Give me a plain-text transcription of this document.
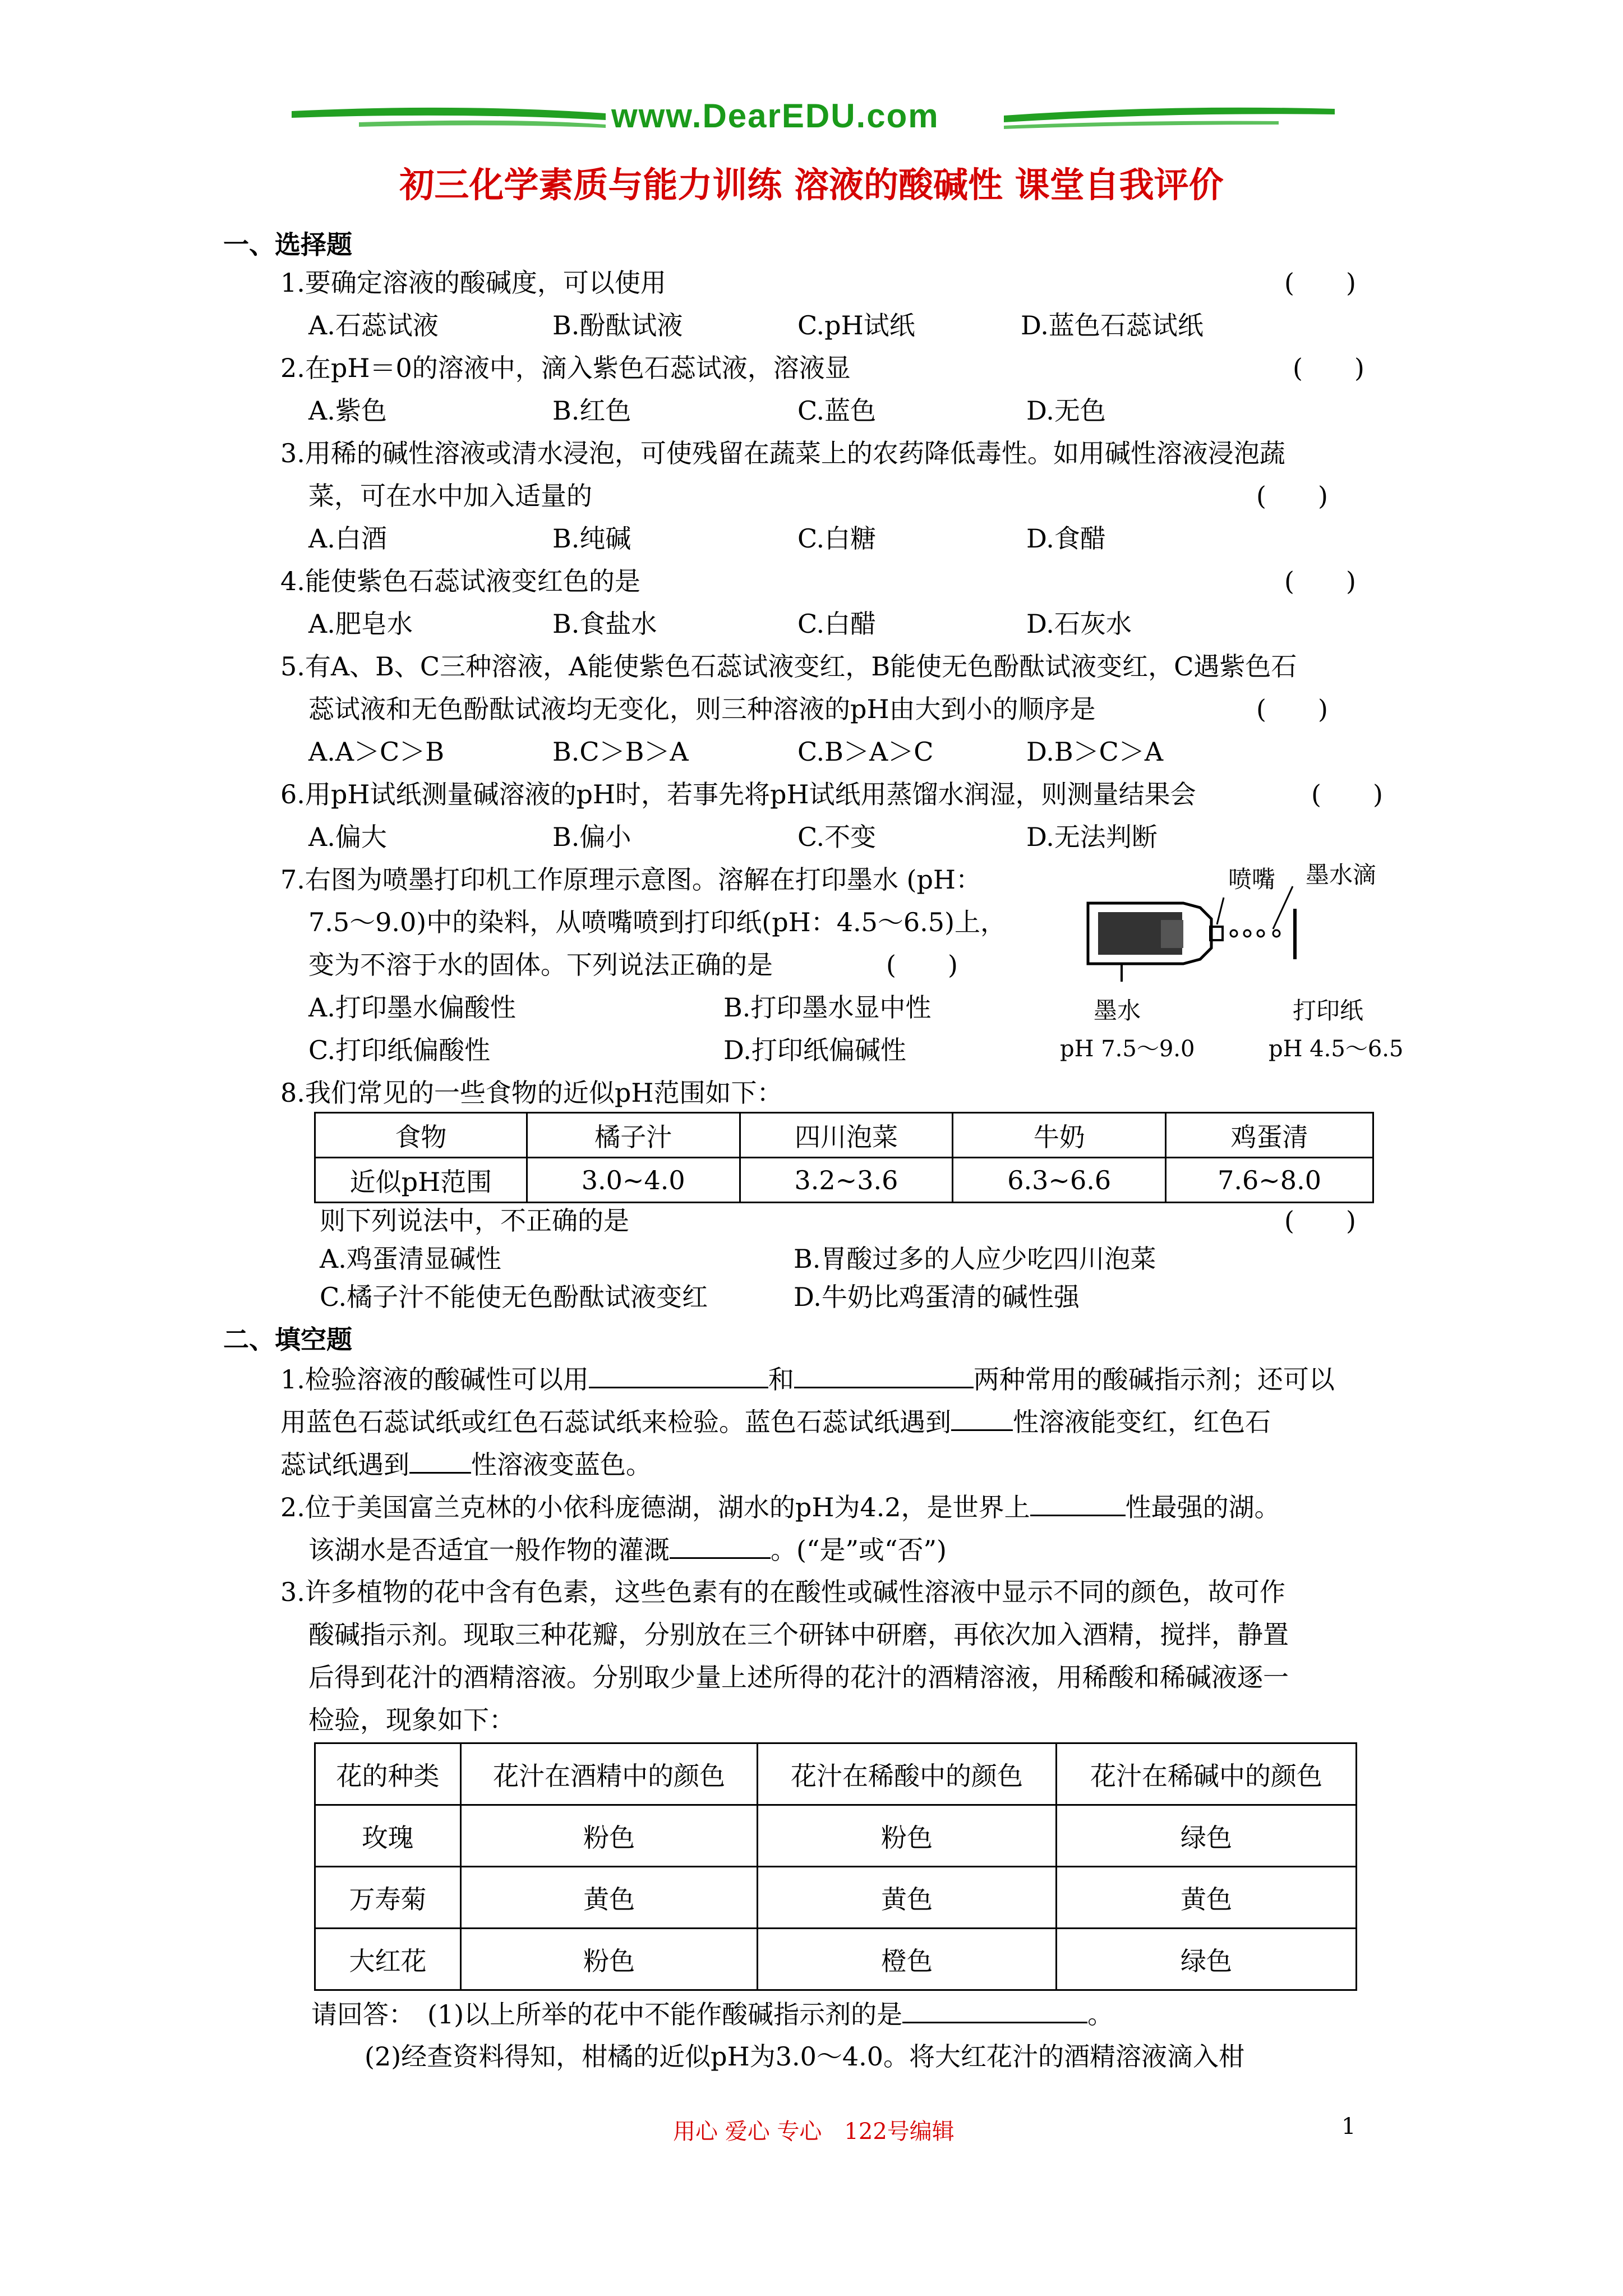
www.DearEDU.com
初三化学素质与能力训练 溶液的酸碱性 课堂自我评价
一、选择题
1.要确定溶液的酸碱度，可以使用	(　　)
A.石蕊试液	B.酚酞试液	C.pH试纸	D.蓝色石蕊试纸
2.在pH＝0的溶液中，滴入紫色石蕊试液，溶液显	(　　)
A.紫色	B.红色	C.蓝色	D.无色
3.用稀的碱性溶液或清水浸泡，可使残留在蔬菜上的农药降低毒性。如用碱性溶液浸泡蔬
菜，可在水中加入适量的	(　　)
A.白酒	B.纯碱	C.白糖	D.食醋
4.能使紫色石蕊试液变红色的是	(　　)
A.肥皂水	B.食盐水	C.白醋	D.石灰水
5.有A、B、C三种溶液，A能使紫色石蕊试液变红，B能使无色酚酞试液变红，C遇紫色石
蕊试液和无色酚酞试液均无变化，则三种溶液的pH由大到小的顺序是	(　　)
A.A＞C＞B	B.C＞B＞A	C.B＞A＞C	D.B＞C＞A
6.用pH试纸测量碱溶液的pH时，若事先将pH试纸用蒸馏水润湿，则测量结果会	(　　)
A.偏大	B.偏小	C.不变	D.无法判断
7.右图为喷墨打印机工作原理示意图。溶解在打印墨水 (pH：
7.5～9.0)中的染料，从喷嘴喷到打印纸(pH：4.5～6.5)上，
变为不溶于水的固体。下列说法正确的是	(　　)
A.打印墨水偏酸性	B.打印墨水显中性
C.打印纸偏酸性	D.打印纸偏碱性
喷嘴 墨水滴
墨水
pH 7.5～9.0
打印纸
pH 4.5～6.5
8.我们常见的一些食物的近似pH范围如下：
食物	橘子汁	四川泡菜	牛奶	鸡蛋清
近似pH范围	3.0~4.0	3.2~3.6	6.3~6.6	7.6~8.0
则下列说法中，不正确的是	(　　)
A.鸡蛋清显碱性	B.胃酸过多的人应少吃四川泡菜
C.橘子汁不能使无色酚酞试液变红	D.牛奶比鸡蛋清的碱性强
二、填空题
1.检验溶液的酸碱性可以用	和	两种常用的酸碱指示剂；还可以
用蓝色石蕊试纸或红色石蕊试纸来检验。蓝色石蕊试纸遇到 性溶液能变红，红色石
蕊试纸遇到 性溶液变蓝色。
2.位于美国富兰克林的小依科庞德湖，湖水的pH为4.2，是世界上	性最强的湖。
该湖水是否适宜一般作物的灌溉	。(“是”或“否”)
3.许多植物的花中含有色素，这些色素有的在酸性或碱性溶液中显示不同的颜色，故可作
酸碱指示剂。现取三种花瓣，分别放在三个研钵中研磨，再依次加入酒精，搅拌，静置
后得到花汁的酒精溶液。分别取少量上述所得的花汁的酒精溶液，用稀酸和稀碱液逐一
检验，现象如下：
花的种类	花汁在酒精中的颜色	花汁在稀酸中的颜色	花汁在稀碱中的颜色
玫瑰	粉色	粉色	绿色
万寿菊	黄色	黄色	黄色
大红花	粉色	橙色	绿色
请回答：　(1)以上所举的花中不能作酸碱指示剂的是	。
(2)经查资料得知，柑橘的近似pH为3.0～4.0。将大红花汁的酒精溶液滴入柑
用心 爱心 专心　122号编辑	1
